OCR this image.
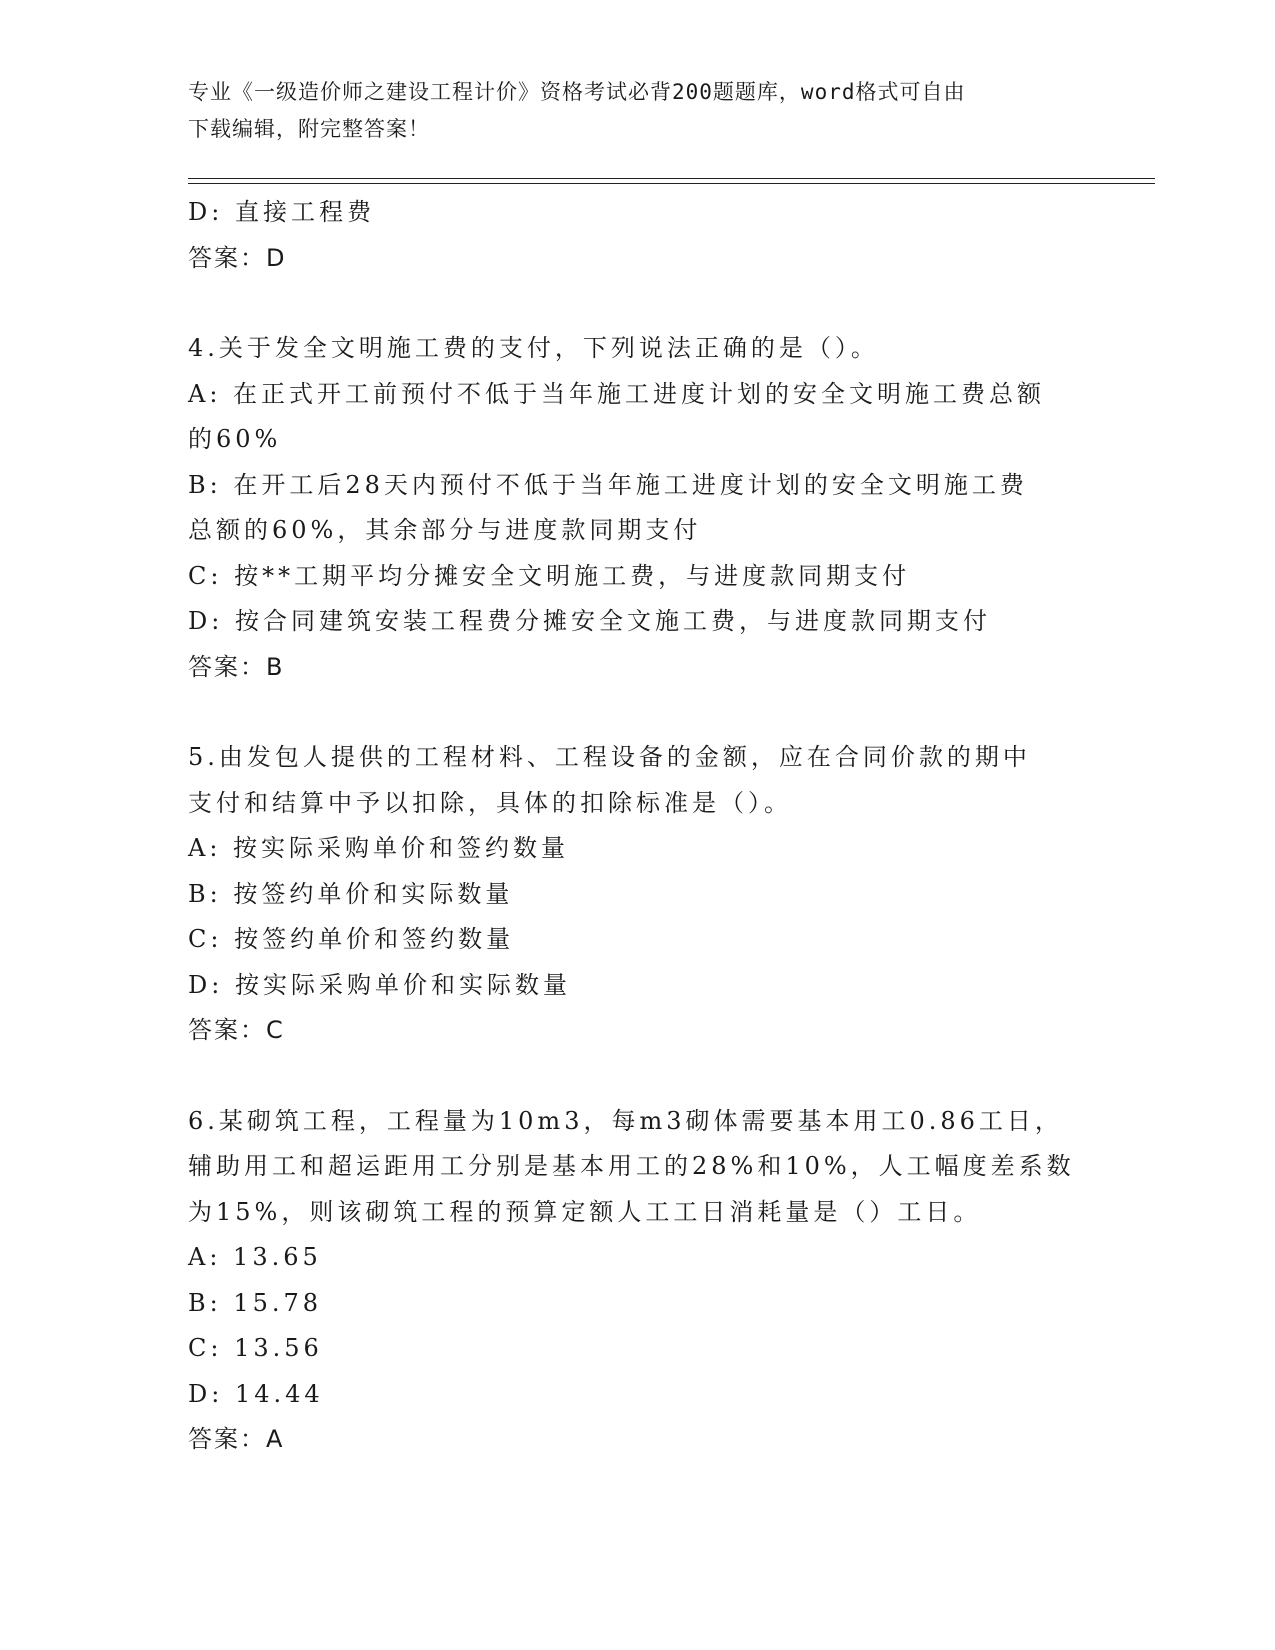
专业《一级造价师之建设工程计价》资格考试必背200题题库，word格式可自由
下载编辑，附完整答案！
D: 直接工程费
答案：D
4.关于发全文明施工费的支付，下列说法正确的是（）。
A: 在正式开工前预付不低于当年施工进度计划的安全文明施工费总额
的60%
B: 在开工后28天内预付不低于当年施工进度计划的安全文明施工费
总额的60%，其余部分与进度款同期支付
C: 按**工期平均分摊安全文明施工费，与进度款同期支付
D: 按合同建筑安装工程费分摊安全文施工费，与进度款同期支付
答案：B
5.由发包人提供的工程材料、工程设备的金额，应在合同价款的期中
支付和结算中予以扣除，具体的扣除标准是（）。
A: 按实际采购单价和签约数量
B: 按签约单价和实际数量
C: 按签约单价和签约数量
D: 按实际采购单价和实际数量
答案：C
6.某砌筑工程，工程量为10m3，每m3砌体需要基本用工0.86工日，
辅助用工和超运距用工分别是基本用工的28%和10%，人工幅度差系数
为15%，则该砌筑工程的预算定额人工工日消耗量是（）工日。
A: 13.65
B: 15.78
C: 13.56
D: 14.44
答案：A
